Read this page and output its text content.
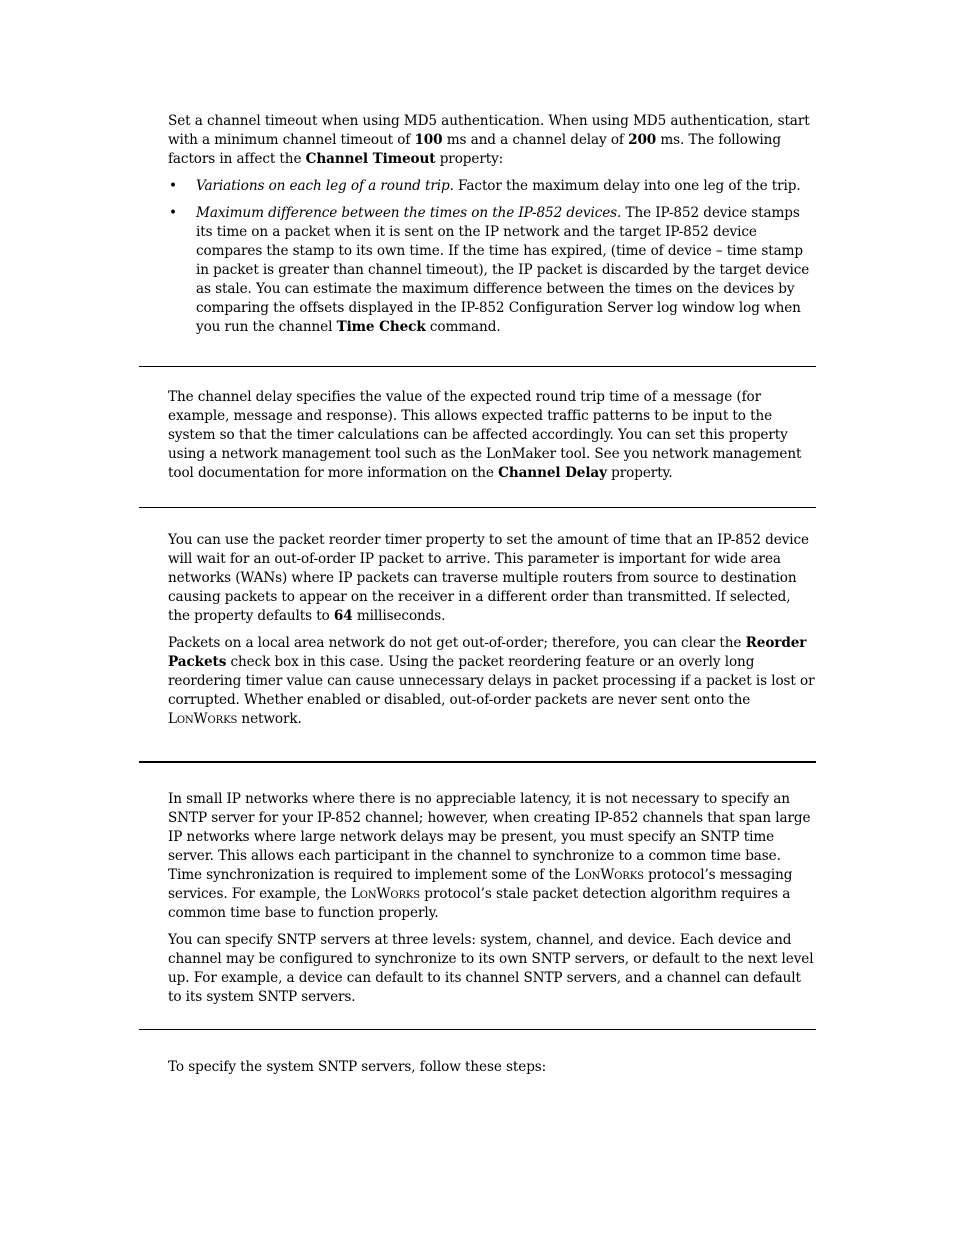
Set a channel timeout when using MD5 authentication. When using MD5 authentication, start with a minimum channel timeout of 100 ms and a channel delay of 200 ms. The following factors in affect the Channel Timeout property:

• Variations on each leg of a round trip. Factor the maximum delay into one leg of the trip.
• Maximum difference between the times on the IP-852 devices. The IP-852 device stamps its time on a packet when it is sent on the IP network and the target IP-852 device compares the stamp to its own time. If the time has expired, (time of device – time stamp in packet is greater than channel timeout), the IP packet is discarded by the target device as stale. You can estimate the maximum difference between the times on the devices by comparing the offsets displayed in the IP-852 Configuration Server log window log when you run the channel Time Check command.

The channel delay specifies the value of the expected round trip time of a message (for example, message and response). This allows expected traffic patterns to be input to the system so that the timer calculations can be affected accordingly. You can set this property using a network management tool such as the LonMaker tool. See you network management tool documentation for more information on the Channel Delay property.

You can use the packet reorder timer property to set the amount of time that an IP-852 device will wait for an out-of-order IP packet to arrive. This parameter is important for wide area networks (WANs) where IP packets can traverse multiple routers from source to destination causing packets to appear on the receiver in a different order than transmitted. If selected, the property defaults to 64 milliseconds.

Packets on a local area network do not get out-of-order; therefore, you can clear the Reorder Packets check box in this case. Using the packet reordering feature or an overly long reordering timer value can cause unnecessary delays in packet processing if a packet is lost or corrupted. Whether enabled or disabled, out-of-order packets are never sent onto the LonWorks network.

In small IP networks where there is no appreciable latency, it is not necessary to specify an SNTP server for your IP-852 channel; however, when creating IP-852 channels that span large IP networks where large network delays may be present, you must specify an SNTP time server. This allows each participant in the channel to synchronize to a common time base. Time synchronization is required to implement some of the LonWorks protocol’s messaging services. For example, the LonWorks protocol’s stale packet detection algorithm requires a common time base to function properly.

You can specify SNTP servers at three levels: system, channel, and device. Each device and channel may be configured to synchronize to its own SNTP servers, or default to the next level up. For example, a device can default to its channel SNTP servers, and a channel can default to its system SNTP servers.

To specify the system SNTP servers, follow these steps:
